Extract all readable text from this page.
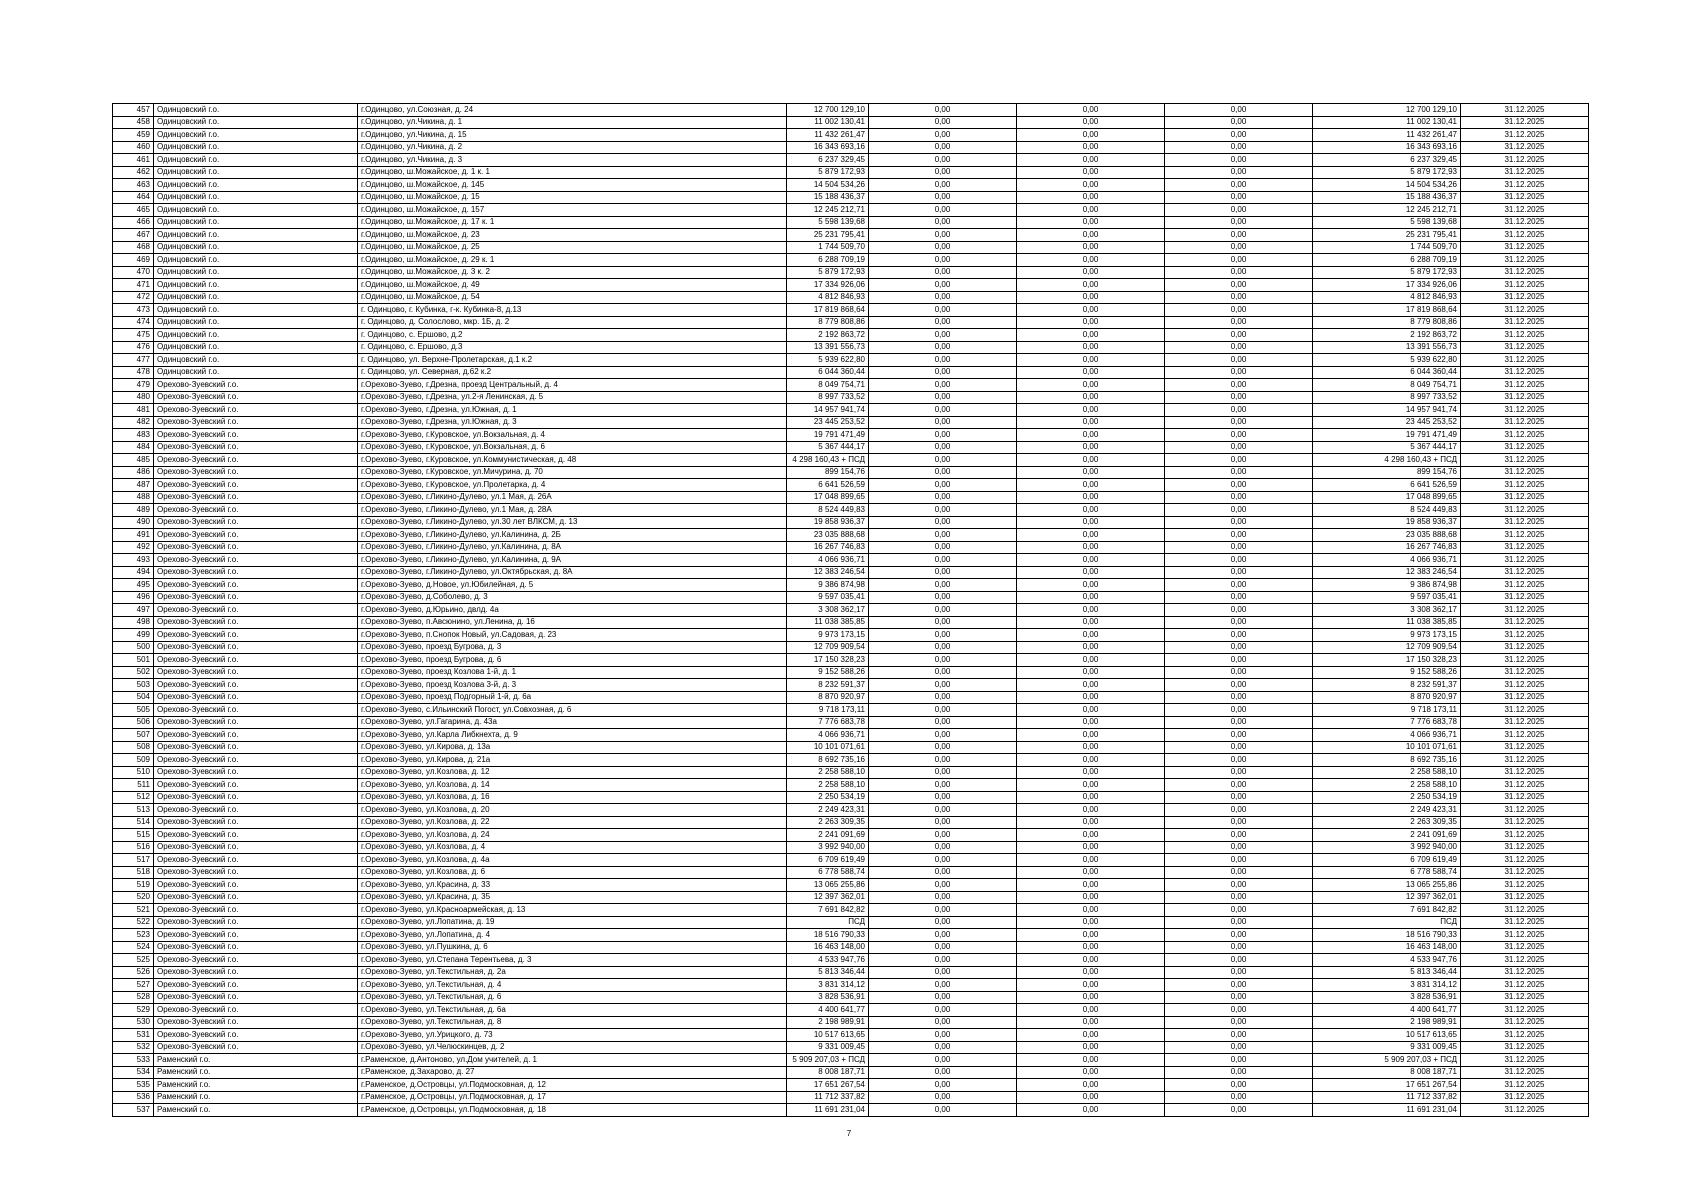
457	Одинцовский г.о.	г.Одинцово, ул.Союзная, д. 24	12 700 129,10	0,00	0,00	0,00	12 700 129,10	31.12.2025
458	Одинцовский г.о.	г.Одинцово, ул.Чикина, д. 1	11 002 130,41	0,00	0,00	0,00	11 002 130,41	31.12.2025
459	Одинцовский г.о.	г.Одинцово, ул.Чикина, д. 15	11 432 261,47	0,00	0,00	0,00	11 432 261,47	31.12.2025
460	Одинцовский г.о.	г.Одинцово, ул.Чикина, д. 2	16 343 693,16	0,00	0,00	0,00	16 343 693,16	31.12.2025
461	Одинцовский г.о.	г.Одинцово, ул.Чикина, д. 3	6 237 329,45	0,00	0,00	0,00	6 237 329,45	31.12.2025
462	Одинцовский г.о.	г.Одинцово, ш.Можайское, д. 1 к. 1	5 879 172,93	0,00	0,00	0,00	5 879 172,93	31.12.2025
463	Одинцовский г.о.	г.Одинцово, ш.Можайское, д. 145	14 504 534,26	0,00	0,00	0,00	14 504 534,26	31.12.2025
464	Одинцовский г.о.	г.Одинцово, ш.Можайское, д. 15	15 188 436,37	0,00	0,00	0,00	15 188 436,37	31.12.2025
465	Одинцовский г.о.	г.Одинцово, ш.Можайское, д. 157	12 245 212,71	0,00	0,00	0,00	12 245 212,71	31.12.2025
466	Одинцовский г.о.	г.Одинцово, ш.Можайское, д. 17 к. 1	5 598 139,68	0,00	0,00	0,00	5 598 139,68	31.12.2025
467	Одинцовский г.о.	г.Одинцово, ш.Можайское, д. 23	25 231 795,41	0,00	0,00	0,00	25 231 795,41	31.12.2025
468	Одинцовский г.о.	г.Одинцово, ш.Можайское, д. 25	1 744 509,70	0,00	0,00	0,00	1 744 509,70	31.12.2025
469	Одинцовский г.о.	г.Одинцово, ш.Можайское, д. 29 к. 1	6 288 709,19	0,00	0,00	0,00	6 288 709,19	31.12.2025
470	Одинцовский г.о.	г.Одинцово, ш.Можайское, д. 3 к. 2	5 879 172,93	0,00	0,00	0,00	5 879 172,93	31.12.2025
471	Одинцовский г.о.	г.Одинцово, ш.Можайское, д. 49	17 334 926,06	0,00	0,00	0,00	17 334 926,06	31.12.2025
472	Одинцовский г.о.	г.Одинцово, ш.Можайское, д. 54	4 812 846,93	0,00	0,00	0,00	4 812 846,93	31.12.2025
473	Одинцовский г.о.	г. Одинцово, г. Кубинка, г-к. Кубинка-8, д.13	17 819 868,64	0,00	0,00	0,00	17 819 868,64	31.12.2025
474	Одинцовский г.о.	г. Одинцово, д. Солослово, мкр. 1Б, д. 2	8 779 808,86	0,00	0,00	0,00	8 779 808,86	31.12.2025
475	Одинцовский г.о.	г. Одинцово, с. Ершово, д.2	2 192 863,72	0,00	0,00	0,00	2 192 863,72	31.12.2025
476	Одинцовский г.о.	г. Одинцово, с. Ершово, д.3	13 391 556,73	0,00	0,00	0,00	13 391 556,73	31.12.2025
477	Одинцовский г.о.	г. Одинцово, ул. Верхне-Пролетарская, д.1 к.2	5 939 622,80	0,00	0,00	0,00	5 939 622,80	31.12.2025
478	Одинцовский г.о.	г. Одинцово, ул. Северная, д.62 к.2	6 044 360,44	0,00	0,00	0,00	6 044 360,44	31.12.2025
479	Орехово-Зуевский г.о.	г.Орехово-Зуево, г.Дрезна, проезд Центральный, д. 4	8 049 754,71	0,00	0,00	0,00	8 049 754,71	31.12.2025
480	Орехово-Зуевский г.о.	г.Орехово-Зуево, г.Дрезна, ул.2-я Ленинская, д. 5	8 997 733,52	0,00	0,00	0,00	8 997 733,52	31.12.2025
481	Орехово-Зуевский г.о.	г.Орехово-Зуево, г.Дрезна, ул.Южная, д. 1	14 957 941,74	0,00	0,00	0,00	14 957 941,74	31.12.2025
482	Орехово-Зуевский г.о.	г.Орехово-Зуево, г.Дрезна, ул.Южная, д. 3	23 445 253,52	0,00	0,00	0,00	23 445 253,52	31.12.2025
483	Орехово-Зуевский г.о.	г.Орехово-Зуево, г.Куровское, ул.Вокзальная, д. 4	19 791 471,49	0,00	0,00	0,00	19 791 471,49	31.12.2025
484	Орехово-Зуевский г.о.	г.Орехово-Зуево, г.Куровское, ул.Вокзальная, д. 6	5 367 444,17	0,00	0,00	0,00	5 367 444,17	31.12.2025
485	Орехово-Зуевский г.о.	г.Орехово-Зуево, г.Куровское, ул.Коммунистическая, д. 48	4 298 160,43 + ПСД	0,00	0,00	0,00	4 298 160,43 + ПСД	31.12.2025
486	Орехово-Зуевский г.о.	г.Орехово-Зуево, г.Куровское, ул.Мичурина, д. 70	899 154,76	0,00	0,00	0,00	899 154,76	31.12.2025
487	Орехово-Зуевский г.о.	г.Орехово-Зуево, г.Куровское, ул.Пролетарка, д. 4	6 641 526,59	0,00	0,00	0,00	6 641 526,59	31.12.2025
488	Орехово-Зуевский г.о.	г.Орехово-Зуево, г.Ликино-Дулево, ул.1 Мая, д. 26А	17 048 899,65	0,00	0,00	0,00	17 048 899,65	31.12.2025
489	Орехово-Зуевский г.о.	г.Орехово-Зуево, г.Ликино-Дулево, ул.1 Мая, д. 28А	8 524 449,83	0,00	0,00	0,00	8 524 449,83	31.12.2025
490	Орехово-Зуевский г.о.	г.Орехово-Зуево, г.Ликино-Дулево, ул.30 лет ВЛКСМ, д. 13	19 858 936,37	0,00	0,00	0,00	19 858 936,37	31.12.2025
491	Орехово-Зуевский г.о.	г.Орехово-Зуево, г.Ликино-Дулево, ул.Калинина, д. 2Б	23 035 888,68	0,00	0,00	0,00	23 035 888,68	31.12.2025
492	Орехово-Зуевский г.о.	г.Орехово-Зуево, г.Ликино-Дулево, ул.Калинина, д. 8А	16 267 746,83	0,00	0,00	0,00	16 267 746,83	31.12.2025
493	Орехово-Зуевский г.о.	г.Орехово-Зуево, г.Ликино-Дулево, ул.Калинина, д. 9А	4 066 936,71	0,00	0,00	0,00	4 066 936,71	31.12.2025
494	Орехово-Зуевский г.о.	г.Орехово-Зуево, г.Ликино-Дулево, ул.Октябрьская, д. 8А	12 383 246,54	0,00	0,00	0,00	12 383 246,54	31.12.2025
495	Орехово-Зуевский г.о.	г.Орехово-Зуево, д.Новое, ул.Юбилейная, д. 5	9 386 874,98	0,00	0,00	0,00	9 386 874,98	31.12.2025
496	Орехово-Зуевский г.о.	г.Орехово-Зуево, д.Соболево, д. 3	9 597 035,41	0,00	0,00	0,00	9 597 035,41	31.12.2025
497	Орехово-Зуевский г.о.	г.Орехово-Зуево, д.Юрьино, двлд. 4а	3 308 362,17	0,00	0,00	0,00	3 308 362,17	31.12.2025
498	Орехово-Зуевский г.о.	г.Орехово-Зуево, п.Авсюнино, ул.Ленина, д. 16	11 038 385,85	0,00	0,00	0,00	11 038 385,85	31.12.2025
499	Орехово-Зуевский г.о.	г.Орехово-Зуево, п.Снопок Новый, ул.Садовая, д. 23	9 973 173,15	0,00	0,00	0,00	9 973 173,15	31.12.2025
500	Орехово-Зуевский г.о.	г.Орехово-Зуево, проезд Бугрова, д. 3	12 709 909,54	0,00	0,00	0,00	12 709 909,54	31.12.2025
501	Орехово-Зуевский г.о.	г.Орехово-Зуево, проезд Бугрова, д. 6	17 150 328,23	0,00	0,00	0,00	17 150 328,23	31.12.2025
502	Орехово-Зуевский г.о.	г.Орехово-Зуево, проезд Козлова 1-й, д. 1	9 152 588,26	0,00	0,00	0,00	9 152 588,26	31.12.2025
503	Орехово-Зуевский г.о.	г.Орехово-Зуево, проезд Козлова 3-й, д. 3	8 232 591,37	0,00	0,00	0,00	8 232 591,37	31.12.2025
504	Орехово-Зуевский г.о.	г.Орехово-Зуево, проезд Подгорный 1-й, д. 6а	8 870 920,97	0,00	0,00	0,00	8 870 920,97	31.12.2025
505	Орехово-Зуевский г.о.	г.Орехово-Зуево, с.Ильинский Погост, ул.Совхозная, д. 6	9 718 173,11	0,00	0,00	0,00	9 718 173,11	31.12.2025
506	Орехово-Зуевский г.о.	г.Орехово-Зуево, ул.Гагарина, д. 43а	7 776 683,78	0,00	0,00	0,00	7 776 683,78	31.12.2025
507	Орехово-Зуевский г.о.	г.Орехово-Зуево, ул.Карла Либкнехта, д. 9	4 066 936,71	0,00	0,00	0,00	4 066 936,71	31.12.2025
508	Орехово-Зуевский г.о.	г.Орехово-Зуево, ул.Кирова, д. 13а	10 101 071,61	0,00	0,00	0,00	10 101 071,61	31.12.2025
509	Орехово-Зуевский г.о.	г.Орехово-Зуево, ул.Кирова, д. 21а	8 692 735,16	0,00	0,00	0,00	8 692 735,16	31.12.2025
510	Орехово-Зуевский г.о.	г.Орехово-Зуево, ул.Козлова, д. 12	2 258 588,10	0,00	0,00	0,00	2 258 588,10	31.12.2025
511	Орехово-Зуевский г.о.	г.Орехово-Зуево, ул.Козлова, д. 14	2 258 588,10	0,00	0,00	0,00	2 258 588,10	31.12.2025
512	Орехово-Зуевский г.о.	г.Орехово-Зуево, ул.Козлова, д. 16	2 250 534,19	0,00	0,00	0,00	2 250 534,19	31.12.2025
513	Орехово-Зуевский г.о.	г.Орехово-Зуево, ул.Козлова, д. 20	2 249 423,31	0,00	0,00	0,00	2 249 423,31	31.12.2025
514	Орехово-Зуевский г.о.	г.Орехово-Зуево, ул.Козлова, д. 22	2 263 309,35	0,00	0,00	0,00	2 263 309,35	31.12.2025
515	Орехово-Зуевский г.о.	г.Орехово-Зуево, ул.Козлова, д. 24	2 241 091,69	0,00	0,00	0,00	2 241 091,69	31.12.2025
516	Орехово-Зуевский г.о.	г.Орехово-Зуево, ул.Козлова, д. 4	3 992 940,00	0,00	0,00	0,00	3 992 940,00	31.12.2025
517	Орехово-Зуевский г.о.	г.Орехово-Зуево, ул.Козлова, д. 4а	6 709 619,49	0,00	0,00	0,00	6 709 619,49	31.12.2025
518	Орехово-Зуевский г.о.	г.Орехово-Зуево, ул.Козлова, д. 6	6 778 588,74	0,00	0,00	0,00	6 778 588,74	31.12.2025
519	Орехово-Зуевский г.о.	г.Орехово-Зуево, ул.Красина, д. 33	13 065 255,86	0,00	0,00	0,00	13 065 255,86	31.12.2025
520	Орехово-Зуевский г.о.	г.Орехово-Зуево, ул.Красина, д. 35	12 397 362,01	0,00	0,00	0,00	12 397 362,01	31.12.2025
521	Орехово-Зуевский г.о.	г.Орехово-Зуево, ул.Красноармейская, д. 13	7 691 842,82	0,00	0,00	0,00	7 691 842,82	31.12.2025
522	Орехово-Зуевский г.о.	г.Орехово-Зуево, ул.Лопатина, д. 19	ПСД	0,00	0,00	0,00	ПСД	31.12.2025
523	Орехово-Зуевский г.о.	г.Орехово-Зуево, ул.Лопатина, д. 4	18 516 790,33	0,00	0,00	0,00	18 516 790,33	31.12.2025
524	Орехово-Зуевский г.о.	г.Орехово-Зуево, ул.Пушкина, д. 6	16 463 148,00	0,00	0,00	0,00	16 463 148,00	31.12.2025
525	Орехово-Зуевский г.о.	г.Орехово-Зуево, ул.Степана Терентьева, д. 3	4 533 947,76	0,00	0,00	0,00	4 533 947,76	31.12.2025
526	Орехово-Зуевский г.о.	г.Орехово-Зуево, ул.Текстильная, д. 2а	5 813 346,44	0,00	0,00	0,00	5 813 346,44	31.12.2025
527	Орехово-Зуевский г.о.	г.Орехово-Зуево, ул.Текстильная, д. 4	3 831 314,12	0,00	0,00	0,00	3 831 314,12	31.12.2025
528	Орехово-Зуевский г.о.	г.Орехово-Зуево, ул.Текстильная, д. 6	3 828 536,91	0,00	0,00	0,00	3 828 536,91	31.12.2025
529	Орехово-Зуевский г.о.	г.Орехово-Зуево, ул.Текстильная, д. 6а	4 400 641,77	0,00	0,00	0,00	4 400 641,77	31.12.2025
530	Орехово-Зуевский г.о.	г.Орехово-Зуево, ул.Текстильная, д. 8	2 198 989,91	0,00	0,00	0,00	2 198 989,91	31.12.2025
531	Орехово-Зуевский г.о.	г.Орехово-Зуево, ул.Урицкого, д. 73	10 517 613,65	0,00	0,00	0,00	10 517 613,65	31.12.2025
532	Орехово-Зуевский г.о.	г.Орехово-Зуево, ул.Челюскинцев, д. 2	9 331 009,45	0,00	0,00	0,00	9 331 009,45	31.12.2025
533	Раменский г.о.	г.Раменское, д.Антоново, ул.Дом учителей, д. 1	5 909 207,03 + ПСД	0,00	0,00	0,00	5 909 207,03 + ПСД	31.12.2025
534	Раменский г.о.	г.Раменское, д.Захарово, д. 27	8 008 187,71	0,00	0,00	0,00	8 008 187,71	31.12.2025
535	Раменский г.о.	г.Раменское, д.Островцы, ул.Подмосковная, д. 12	17 651 267,54	0,00	0,00	0,00	17 651 267,54	31.12.2025
536	Раменский г.о.	г.Раменское, д.Островцы, ул.Подмосковная, д. 17	11 712 337,82	0,00	0,00	0,00	11 712 337,82	31.12.2025
537	Раменский г.о.	г.Раменское, д.Островцы, ул.Подмосковная, д. 18	11 691 231,04	0,00	0,00	0,00	11 691 231,04	31.12.2025
7
